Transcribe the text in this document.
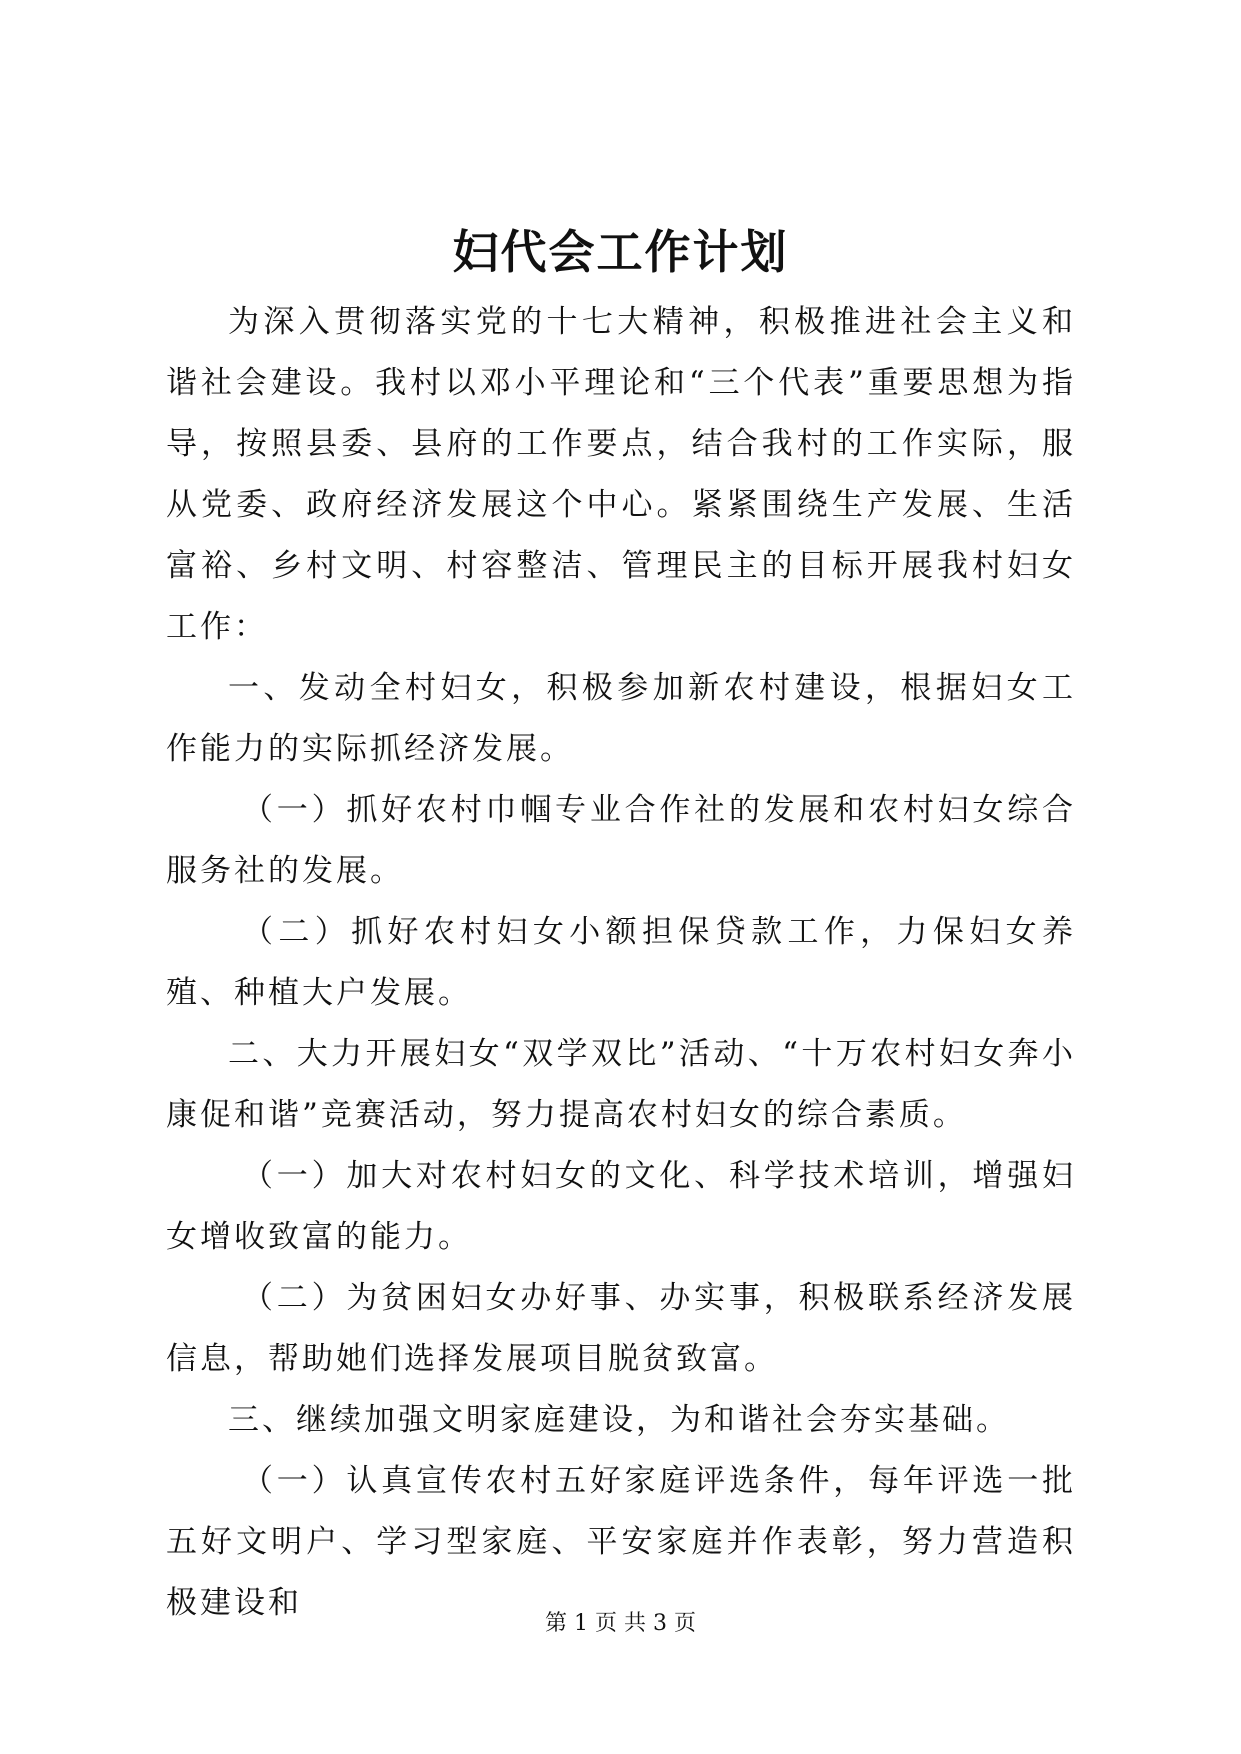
妇代会工作计划

为深入贯彻落实党的十七大精神，积极推进社会主义和谐社会建设。我村以邓小平理论和“三个代表”重要思想为指导，按照县委、县府的工作要点，结合我村的工作实际，服从党委、政府经济发展这个中心。紧紧围绕生产发展、生活富裕、乡村文明、村容整洁、管理民主的目标开展我村妇女工作：

一、发动全村妇女，积极参加新农村建设，根据妇女工作能力的实际抓经济发展。

（一）抓好农村巾帼专业合作社的发展和农村妇女综合服务社的发展。

（二）抓好农村妇女小额担保贷款工作，力保妇女养殖、种植大户发展。

二、大力开展妇女“双学双比”活动、“十万农村妇女奔小康促和谐”竞赛活动，努力提高农村妇女的综合素质。

（一）加大对农村妇女的文化、科学技术培训，增强妇女增收致富的能力。

（二）为贫困妇女办好事、办实事，积极联系经济发展信息，帮助她们选择发展项目脱贫致富。

三、继续加强文明家庭建设，为和谐社会夯实基础。

（一）认真宣传农村五好家庭评选条件，每年评选一批五好文明户、学习型家庭、平安家庭并作表彰，努力营造积极建设和

第 1 页 共 3 页
